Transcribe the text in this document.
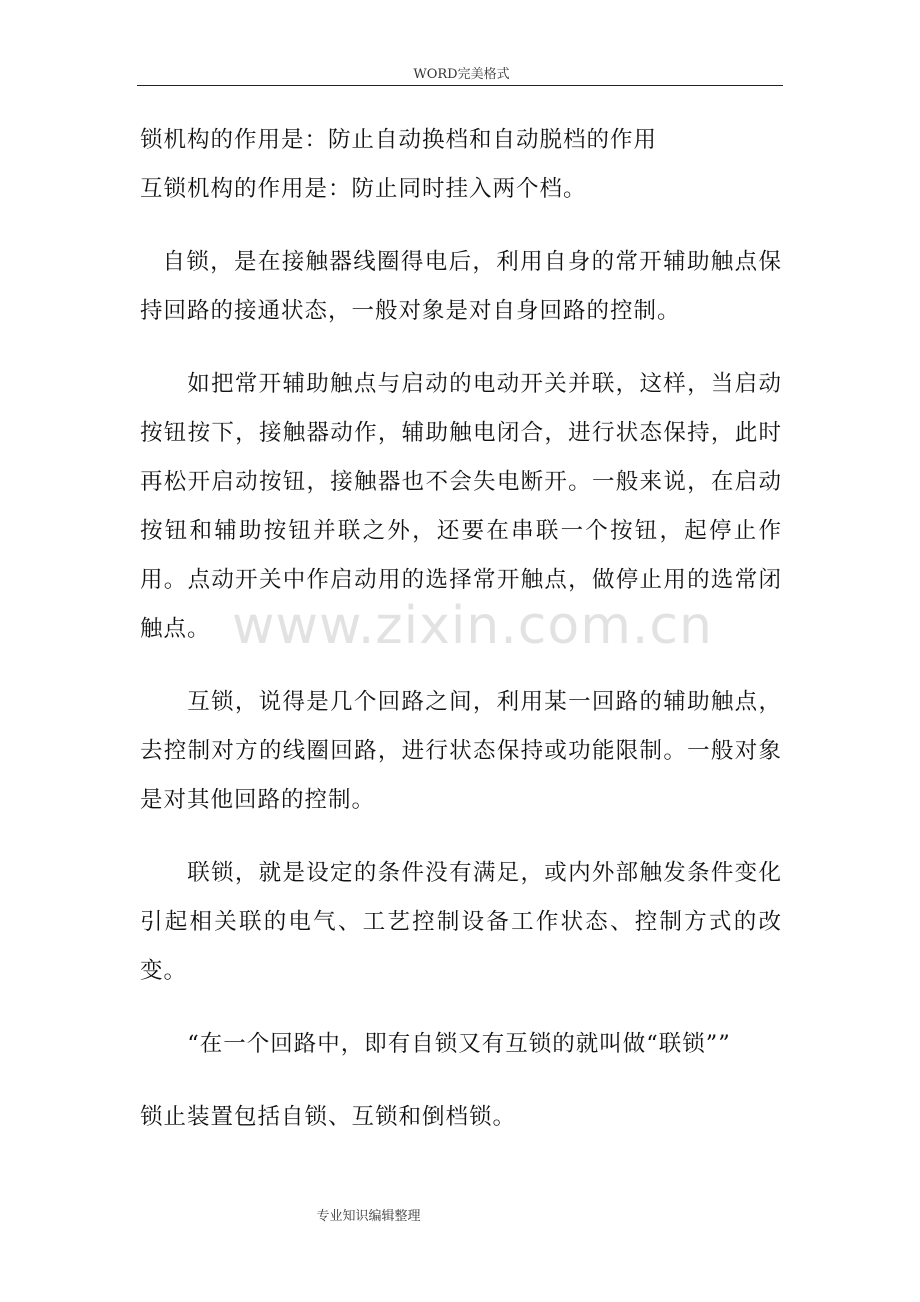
WORD完美格式

锁机构的作用是：防止自动换档和自动脱档的作用

互锁机构的作用是：防止同时挂入两个档。

自锁，是在接触器线圈得电后，利用自身的常开辅助触点保持回路的接通状态，一般对象是对自身回路的控制。

如把常开辅助触点与启动的电动开关并联，这样，当启动按钮按下，接触器动作，辅助触电闭合，进行状态保持，此时再松开启动按钮，接触器也不会失电断开。一般来说，在启动按钮和辅助按钮并联之外，还要在串联一个按钮，起停止作用。点动开关中作启动用的选择常开触点，做停止用的选常闭触点。

互锁，说得是几个回路之间，利用某一回路的辅助触点，去控制对方的线圈回路，进行状态保持或功能限制。一般对象是对其他回路的控制。

联锁，就是设定的条件没有满足，或内外部触发条件变化引起相关联的电气、工艺控制设备工作状态、控制方式的改变。

“在一个回路中，即有自锁又有互锁的就叫做“联锁””

锁止装置包括自锁、互锁和倒档锁。

www.zixin.com.cn
专业知识编辑整理
